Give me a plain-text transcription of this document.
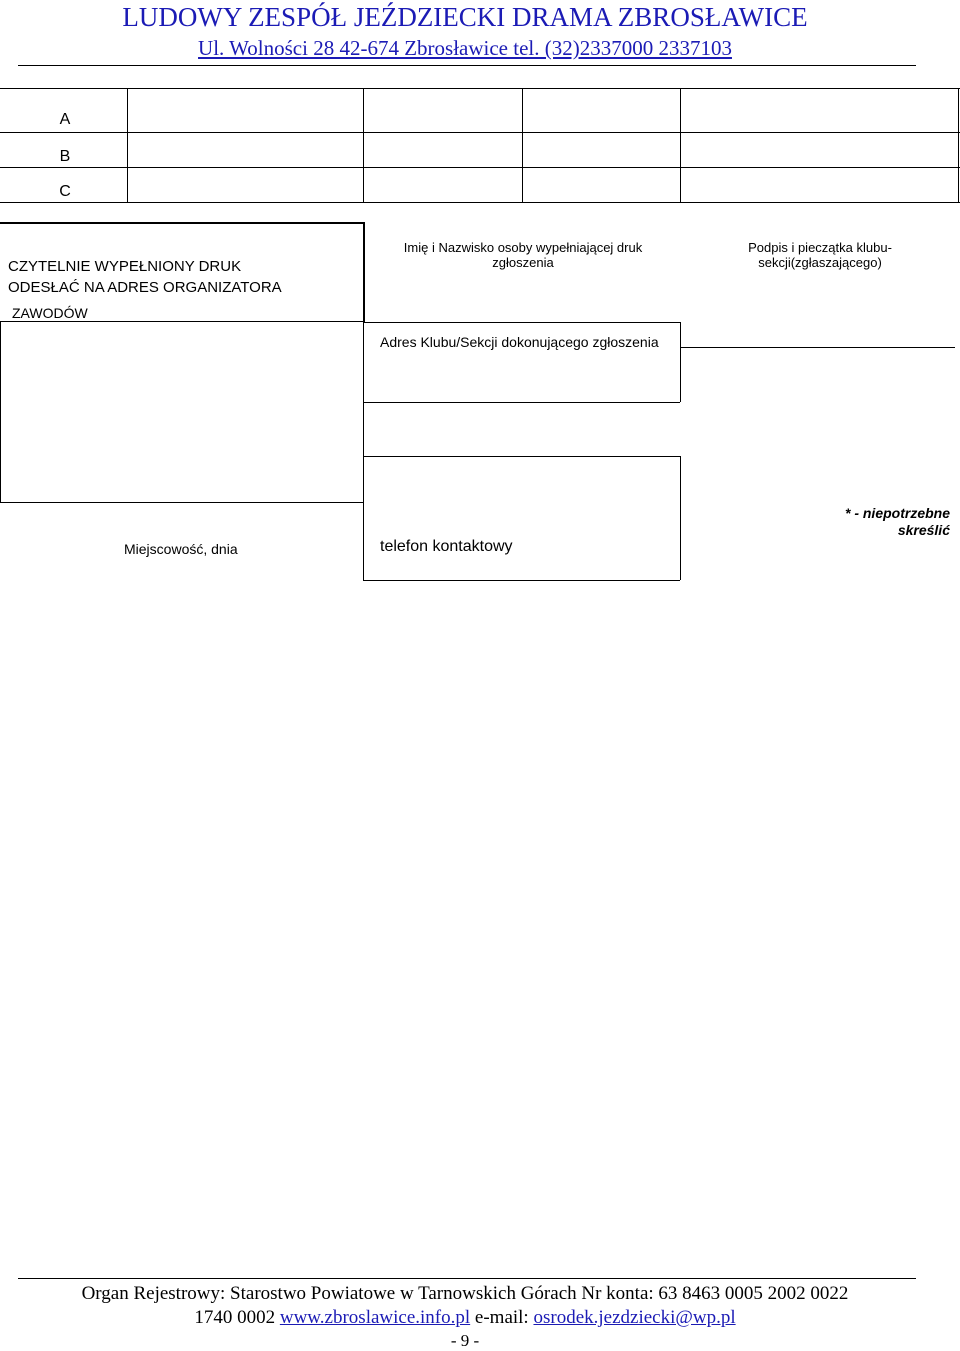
LUDOWY ZESPÓŁ JEŹDZIECKI DRAMA ZBROSŁAWICE
Ul. Wolności 28 42-674 Zbrosławice tel. (32)2337000 2337103
A
B
C
CZYTELNIE WYPEŁNIONY DRUK
ODESŁAĆ NA ADRES ORGANIZATORA
ZAWODÓW
Imię i Nazwisko osoby wypełniającej druk zgłoszenia
Podpis i pieczątka klubu-sekcji(zgłaszającego)
Adres Klubu/Sekcji dokonującego zgłoszenia
telefon kontaktowy
Miejscowość, dnia
* - niepotrzebne skreślić
Organ Rejestrowy: Starostwo Powiatowe w Tarnowskich Górach Nr konta: 63 8463 0005 2002 0022
1740 0002 www.zbroslawice.info.pl e-mail: osrodek.jezdziecki@wp.pl
- 9 -
